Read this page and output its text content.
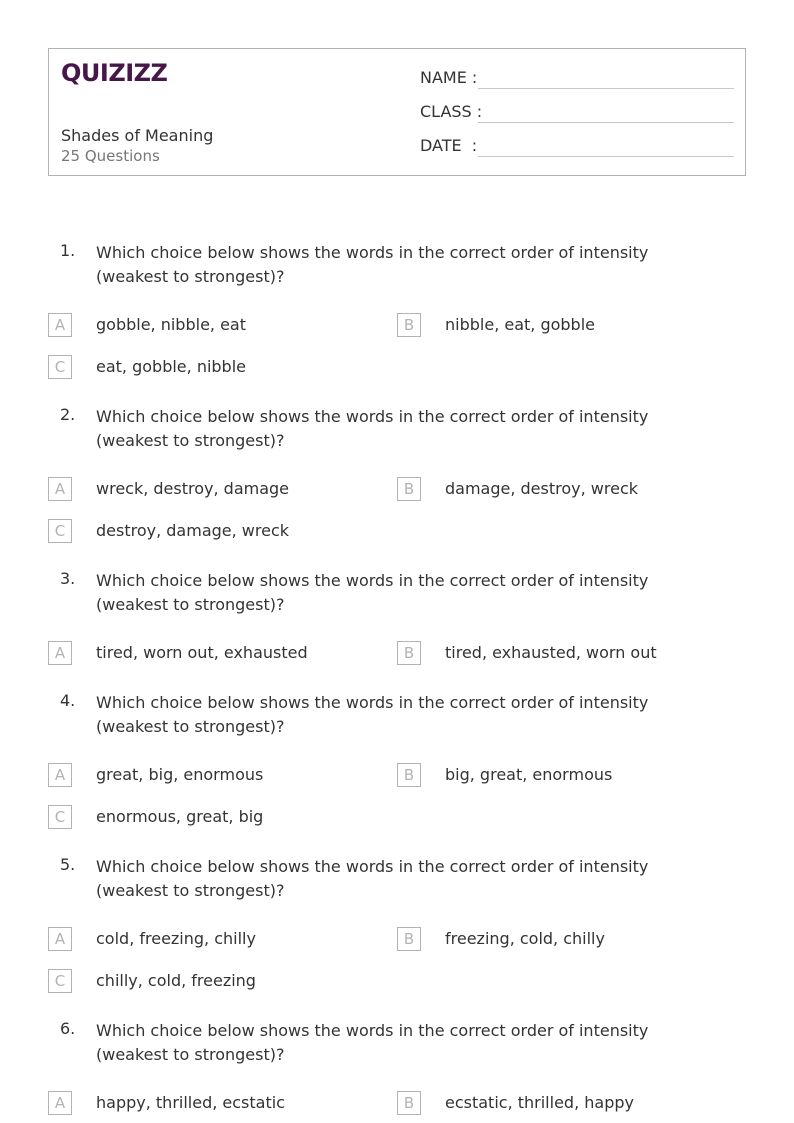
QUIZIZZ
Shades of Meaning
25 Questions
NAME :
CLASS :
DATE  :
1. Which choice below shows the words in the correct order of intensity (weakest to strongest)?
A	gobble, nibble, eat	B	nibble, eat, gobble
C	eat, gobble, nibble
2. Which choice below shows the words in the correct order of intensity (weakest to strongest)?
A	wreck, destroy, damage	B	damage, destroy, wreck
C	destroy, damage, wreck
3. Which choice below shows the words in the correct order of intensity (weakest to strongest)?
A	tired, worn out, exhausted	B	tired, exhausted, worn out
4. Which choice below shows the words in the correct order of intensity (weakest to strongest)?
A	great, big, enormous	B	big, great, enormous
C	enormous, great, big
5. Which choice below shows the words in the correct order of intensity (weakest to strongest)?
A	cold, freezing, chilly	B	freezing, cold, chilly
C	chilly, cold, freezing
6. Which choice below shows the words in the correct order of intensity (weakest to strongest)?
A	happy, thrilled, ecstatic	B	ecstatic, thrilled, happy
